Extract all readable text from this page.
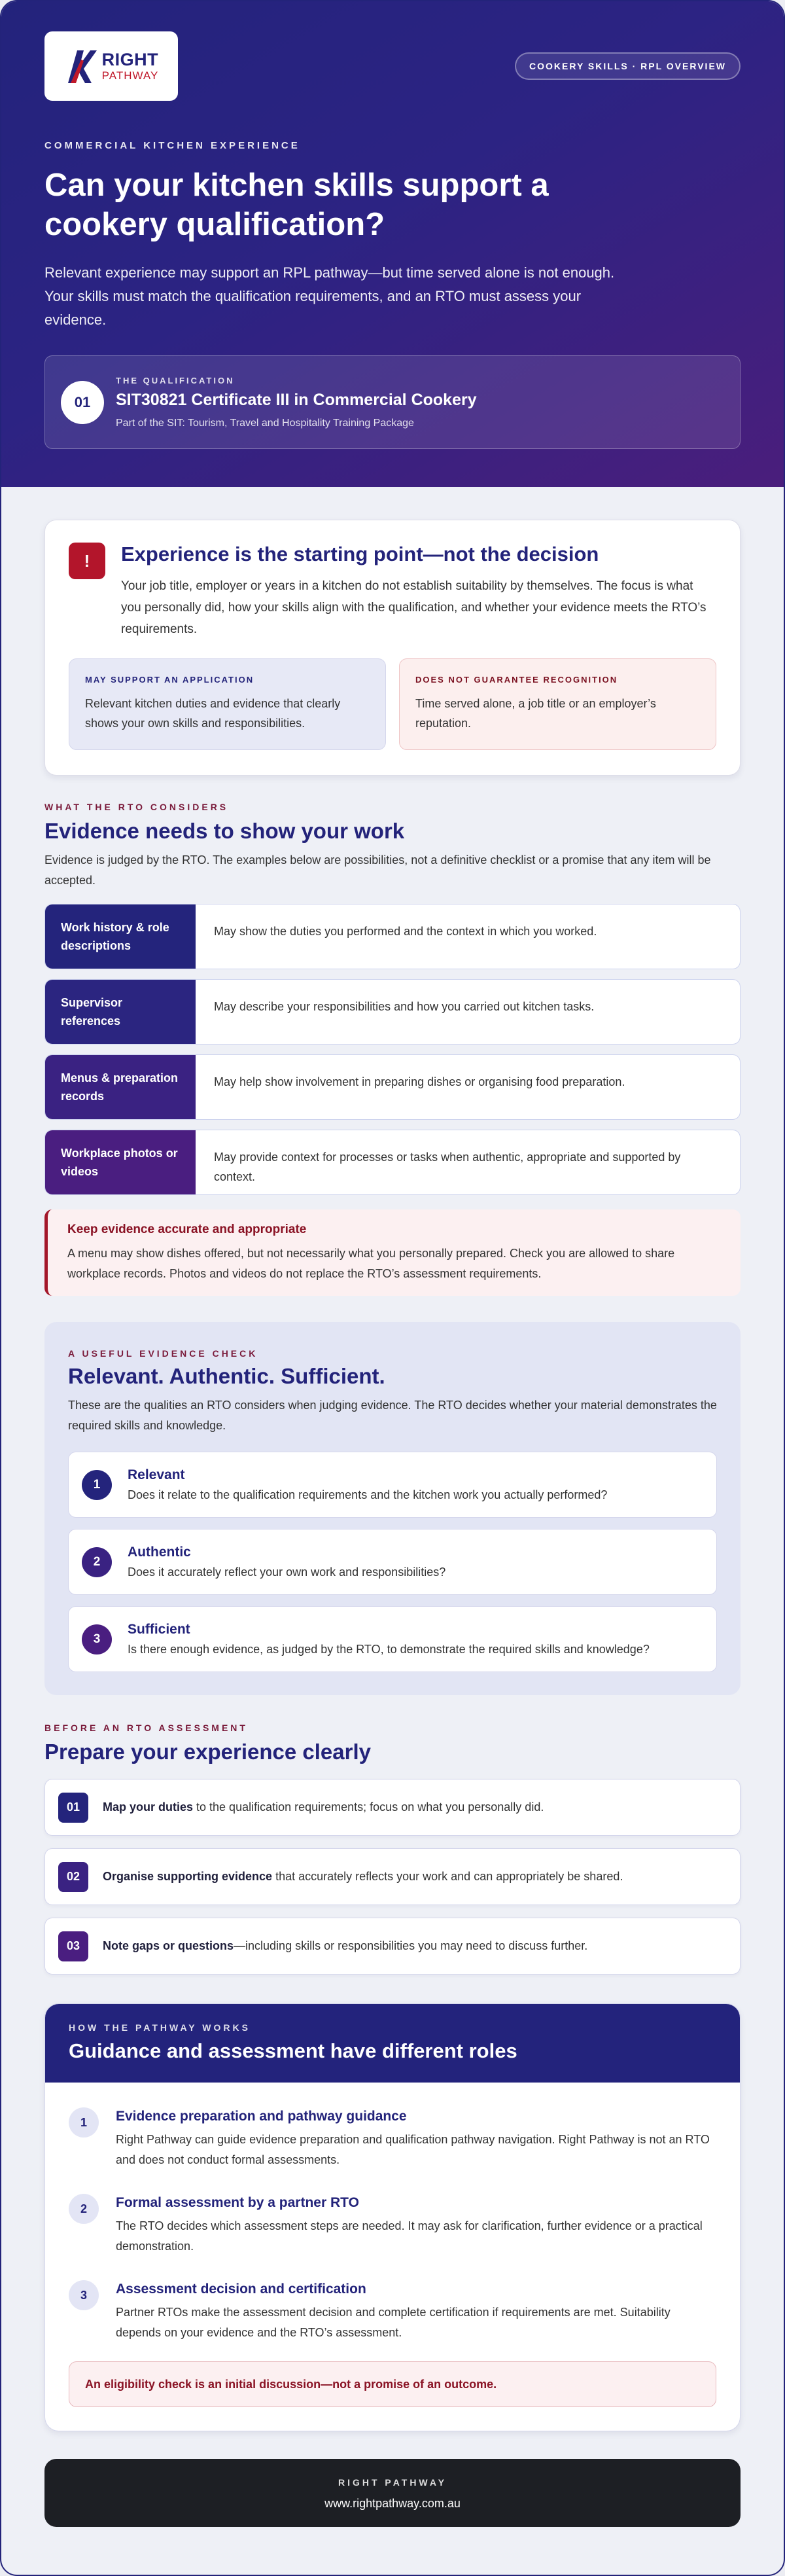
RIGHT
PATHWAY
COOKERY SKILLS · RPL OVERVIEW
COMMERCIAL KITCHEN EXPERIENCE
Can your kitchen skills support a cookery qualification?

Relevant experience may support an RPL pathway—but time served alone is not enough. Your skills must match the qualification requirements, and an RTO must assess your evidence.

01
THE QUALIFICATION
SIT30821 Certificate III in Commercial Cookery
Part of the SIT: Tourism, Travel and Hospitality Training Package
!	Experience is the starting point—not the decision

Your job title, employer or years in a kitchen do not establish suitability by themselves. The focus is what you personally did, how your skills align with the qualification, and whether your evidence meets the RTO’s requirements.

MAY SUPPORT AN APPLICATION
Relevant kitchen duties and evidence that clearly shows your own skills and responsibilities.
DOES NOT GUARANTEE RECOGNITION
Time served alone, a job title or an employer’s reputation.
WHAT THE RTO CONSIDERS
Evidence needs to show your work
Evidence is judged by the RTO. The examples below are possibilities, not a definitive checklist or a promise that any item will be accepted.
Work history & role descriptions
May show the duties you performed and the context in which you worked.
Supervisor references
May describe your responsibilities and how you carried out kitchen tasks.
Menus & preparation records
May help show involvement in preparing dishes or organising food preparation.
Workplace photos or videos
May provide context for processes or tasks when authentic, appropriate and supported by context.
Keep evidence accurate and appropriate
A menu may show dishes offered, but not necessarily what you personally prepared. Check you are allowed to share workplace records. Photos and videos do not replace the RTO’s assessment requirements.
A USEFUL EVIDENCE CHECK
Relevant. Authentic. Sufficient.
These are the qualities an RTO considers when judging evidence. The RTO decides whether your material demonstrates the required skills and knowledge.
1
Relevant
Does it relate to the qualification requirements and the kitchen work you actually performed?
2
Authentic
Does it accurately reflect your own work and responsibilities?
3
Sufficient
Is there enough evidence, as judged by the RTO, to demonstrate the required skills and knowledge?
BEFORE AN RTO ASSESSMENT
Prepare your experience clearly
01	Map your duties to the qualification requirements; focus on what you personally did.
02	Organise supporting evidence that accurately reflects your work and can appropriately be shared.
03	Note gaps or questions—including skills or responsibilities you may need to discuss further.
HOW THE PATHWAY WORKS
Guidance and assessment have different roles
1	Evidence preparation and pathway guidance
Right Pathway can guide evidence preparation and qualification pathway navigation. Right Pathway is not an RTO and does not conduct formal assessments.
2	Formal assessment by a partner RTO
The RTO decides which assessment steps are needed. It may ask for clarification, further evidence or a practical demonstration.
3	Assessment decision and certification
Partner RTOs make the assessment decision and complete certification if requirements are met. Suitability depends on your evidence and the RTO’s assessment.
An eligibility check is an initial discussion—not a promise of an outcome.
RIGHT PATHWAY
www.rightpathway.com.au
